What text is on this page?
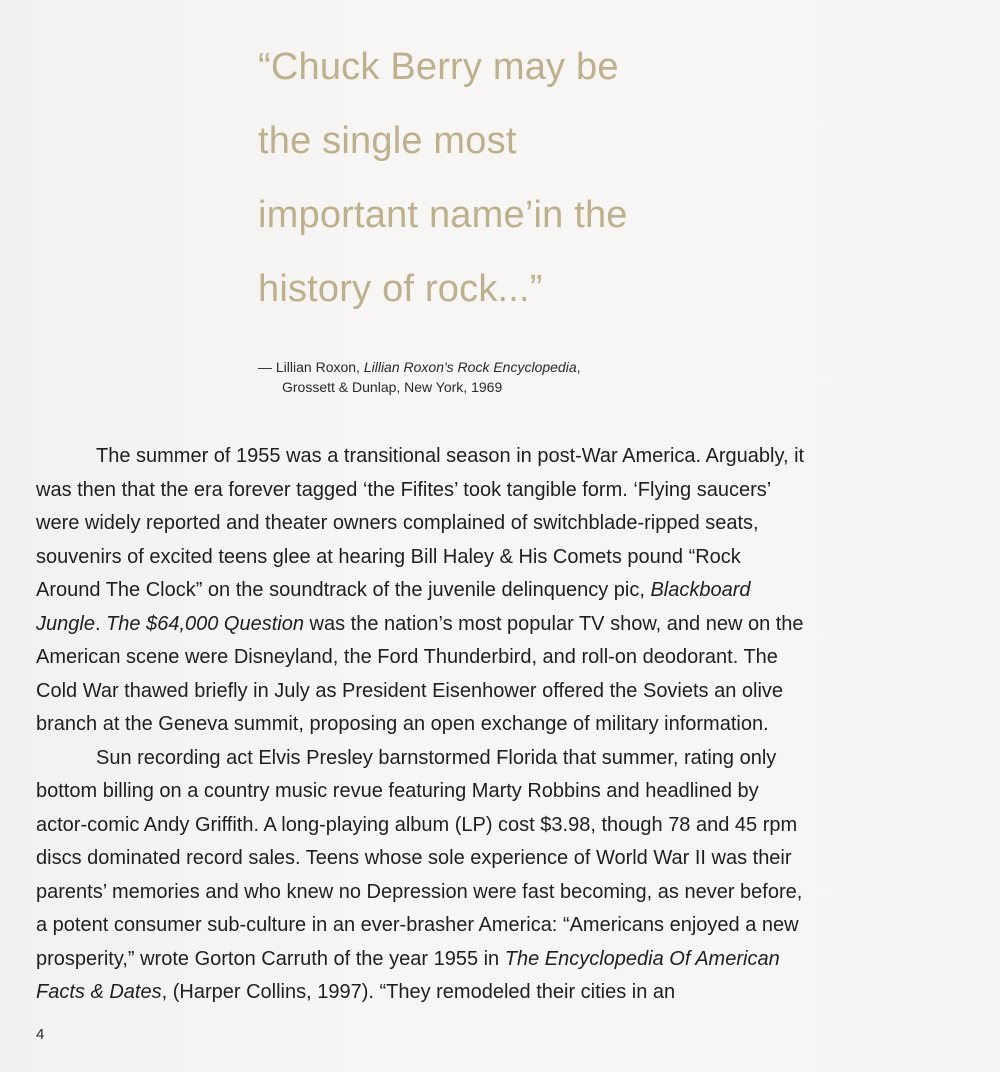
“Chuck Berry may be
the single most
important name’in the
history of rock...”

— Lillian Roxon, Lillian Roxon's Rock Encyclopedia,
Grossett & Dunlap, New York, 1969

The summer of 1955 was a transitional season in post-War America. Arguably, it
was then that the era forever tagged ‘the Fifites’ took tangible form. ‘Flying saucers’
were widely reported and theater owners complained of switchblade-ripped seats,
souvenirs of excited teens glee at hearing Bill Haley & His Comets pound “Rock
Around The Clock” on the soundtrack of the juvenile delinquency pic, Blackboard
Jungle. The $64,000 Question was the nation’s most popular TV show, and new on the
American scene were Disneyland, the Ford Thunderbird, and roll-on deodorant. The
Cold War thawed briefly in July as President Eisenhower offered the Soviets an olive
branch at the Geneva summit, proposing an open exchange of military information.
Sun recording act Elvis Presley barnstormed Florida that summer, rating only
bottom billing on a country music revue featuring Marty Robbins and headlined by
actor-comic Andy Griffith. A long-playing album (LP) cost $3.98, though 78 and 45 rpm
discs dominated record sales. Teens whose sole experience of World War II was their
parents’ memories and who knew no Depression were fast becoming, as never before,
a potent consumer sub-culture in an ever-brasher America: “Americans enjoyed a new
prosperity,” wrote Gorton Carruth of the year 1955 in The Encyclopedia Of American
Facts & Dates, (Harper Collins, 1997). “They remodeled their cities in an

4
